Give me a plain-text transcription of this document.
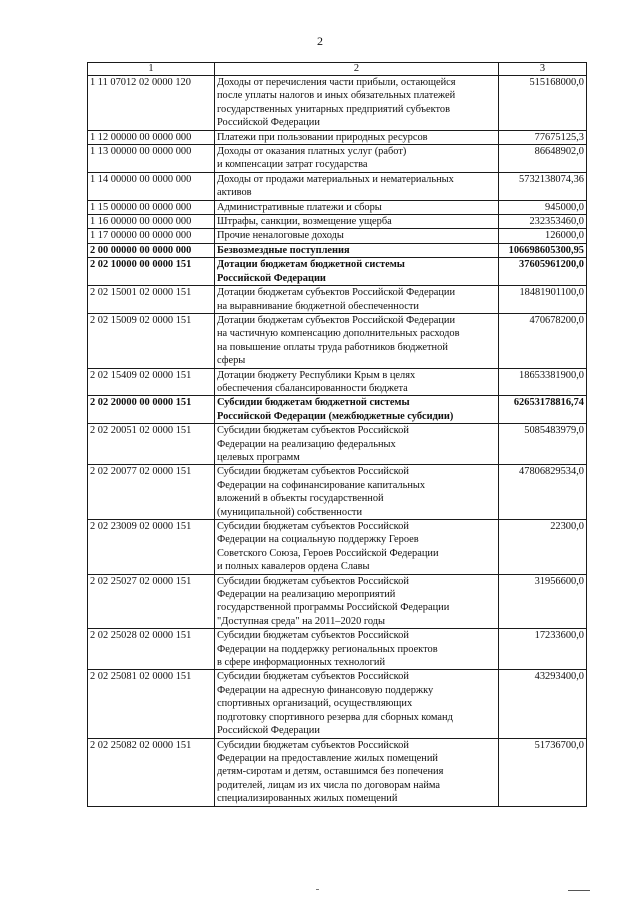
2
1	2	3
1 11 07012 02 0000 120	Доходы от перечисления части прибыли, остающейся
после уплаты налогов и иных обязательных платежей
государственных унитарных предприятий субъектов
Российской Федерации	515168000,0
1 12 00000 00 0000 000	Платежи при пользовании природных ресурсов	77675125,3
1 13 00000 00 0000 000	Доходы от оказания платных услуг (работ)
и компенсации затрат государства	86648902,0
1 14 00000 00 0000 000	Доходы от продажи материальных и нематериальных
активов	5732138074,36
1 15 00000 00 0000 000	Административные платежи и сборы	945000,0
1 16 00000 00 0000 000	Штрафы, санкции, возмещение ущерба	232353460,0
1 17 00000 00 0000 000	Прочие неналоговые доходы	126000,0
2 00 00000 00 0000 000	Безвозмездные поступления	106698605300,95
2 02 10000 00 0000 151	Дотации бюджетам бюджетной системы
Российской Федерации	37605961200,0
2 02 15001 02 0000 151	Дотации бюджетам субъектов Российской Федерации
на выравнивание бюджетной обеспеченности	18481901100,0
2 02 15009 02 0000 151	Дотации бюджетам субъектов Российской Федерации
на частичную компенсацию дополнительных расходов
на повышение оплаты труда работников бюджетной
сферы	470678200,0
2 02 15409 02 0000 151	Дотации бюджету Республики Крым в целях
обеспечения сбалансированности бюджета	18653381900,0
2 02 20000 00 0000 151	Субсидии бюджетам бюджетной системы
Российской Федерации (межбюджетные субсидии)	62653178816,74
2 02 20051 02 0000 151	Субсидии бюджетам субъектов Российской
Федерации на реализацию федеральных
целевых программ	5085483979,0
2 02 20077 02 0000 151	Субсидии бюджетам субъектов Российской
Федерации на софинансирование капитальных
вложений в объекты государственной
(муниципальной) собственности	47806829534,0
2 02 23009 02 0000 151	Субсидии бюджетам субъектов Российской
Федерации на социальную поддержку Героев
Советского Союза, Героев Российской Федерации
и полных кавалеров ордена Славы	22300,0
2 02 25027 02 0000 151	Субсидии бюджетам субъектов Российской
Федерации на реализацию мероприятий
государственной программы Российской Федерации
"Доступная среда" на 2011–2020 годы	31956600,0
2 02 25028 02 0000 151	Субсидии бюджетам субъектов Российской
Федерации на поддержку региональных проектов
в сфере информационных технологий	17233600,0
2 02 25081 02 0000 151	Субсидии бюджетам субъектов Российской
Федерации на адресную финансовую поддержку
спортивных организаций, осуществляющих
подготовку спортивного резерва для сборных команд
Российской Федерации	43293400,0
2 02 25082 02 0000 151	Субсидии бюджетам субъектов Российской
Федерации на предоставление жилых помещений
детям-сиротам и детям, оставшимся без попечения
родителей, лицам из их числа по договорам найма
специализированных жилых помещений	51736700,0
